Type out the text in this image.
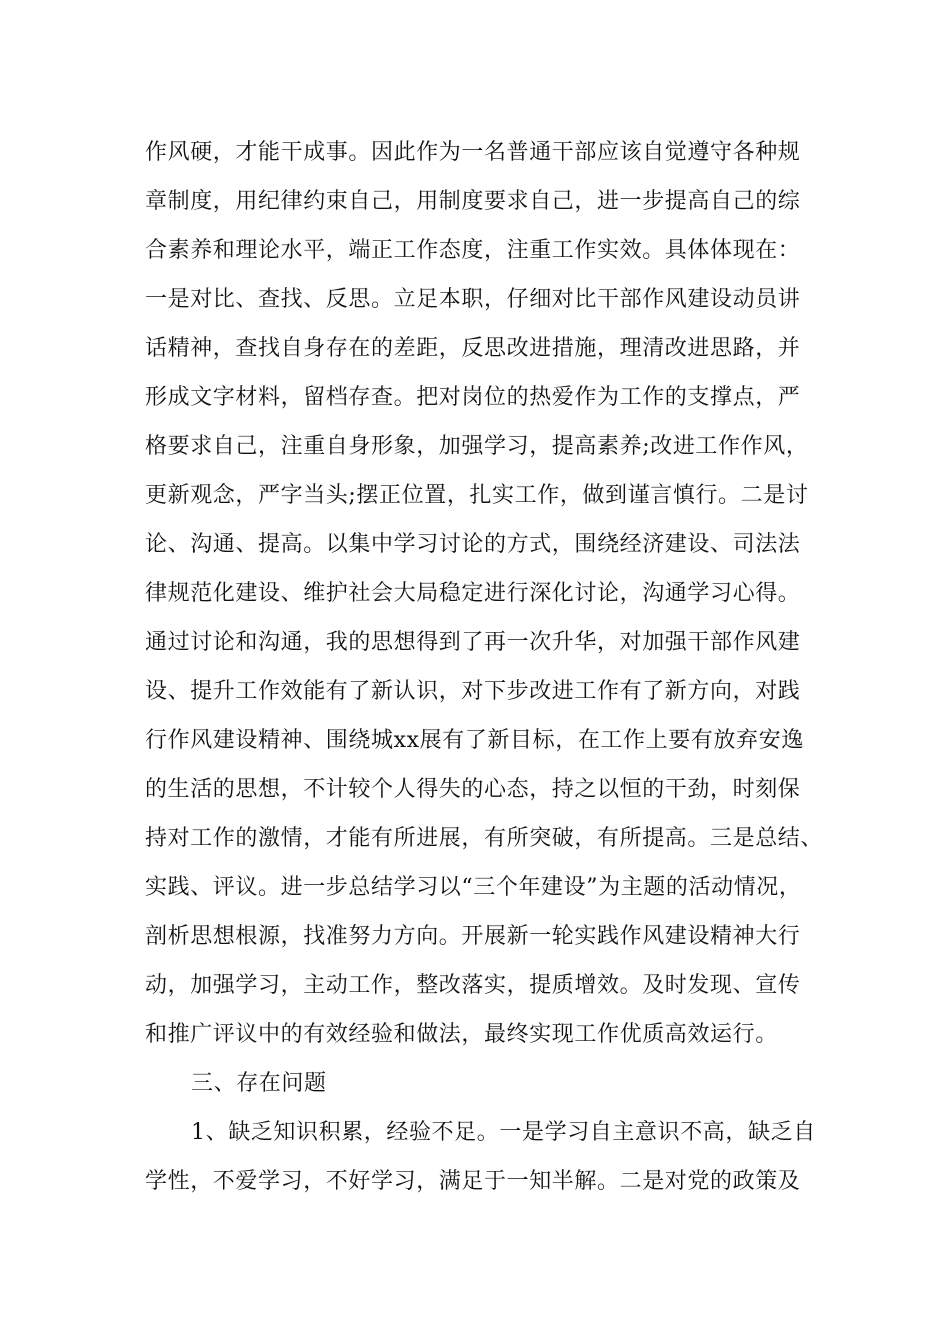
作风硬，才能干成事。因此作为一名普通干部应该自觉遵守各种规
章制度，用纪律约束自己，用制度要求自己，进一步提高自己的综
合素养和理论水平，端正工作态度，注重工作实效。具体体现在：
一是对比、查找、反思。立足本职，仔细对比干部作风建设动员讲
话精神，查找自身存在的差距，反思改进措施，理清改进思路，并
形成文字材料，留档存查。把对岗位的热爱作为工作的支撑点，严
格要求自己，注重自身形象，加强学习，提高素养;改进工作作风，
更新观念，严字当头;摆正位置，扎实工作，做到谨言慎行。二是讨
论、沟通、提高。以集中学习讨论的方式，围绕经济建设、司法法
律规范化建设、维护社会大局稳定进行深化讨论，沟通学习心得。
通过讨论和沟通，我的思想得到了再一次升华，对加强干部作风建
设、提升工作效能有了新认识，对下步改进工作有了新方向，对践
行作风建设精神、围绕城xx展有了新目标，在工作上要有放弃安逸
的生活的思想，不计较个人得失的心态，持之以恒的干劲，时刻保
持对工作的激情，才能有所进展，有所突破，有所提高。三是总结、
实践、评议。进一步总结学习以“三个年建设”为主题的活动情况，
剖析思想根源，找准努力方向。开展新一轮实践作风建设精神大行
动，加强学习，主动工作，整改落实，提质增效。及时发现、宣传
和推广评议中的有效经验和做法，最终实现工作优质高效运行。
三、存在问题
1、缺乏知识积累，经验不足。一是学习自主意识不高，缺乏自
学性，不爱学习，不好学习，满足于一知半解。二是对党的政策及
